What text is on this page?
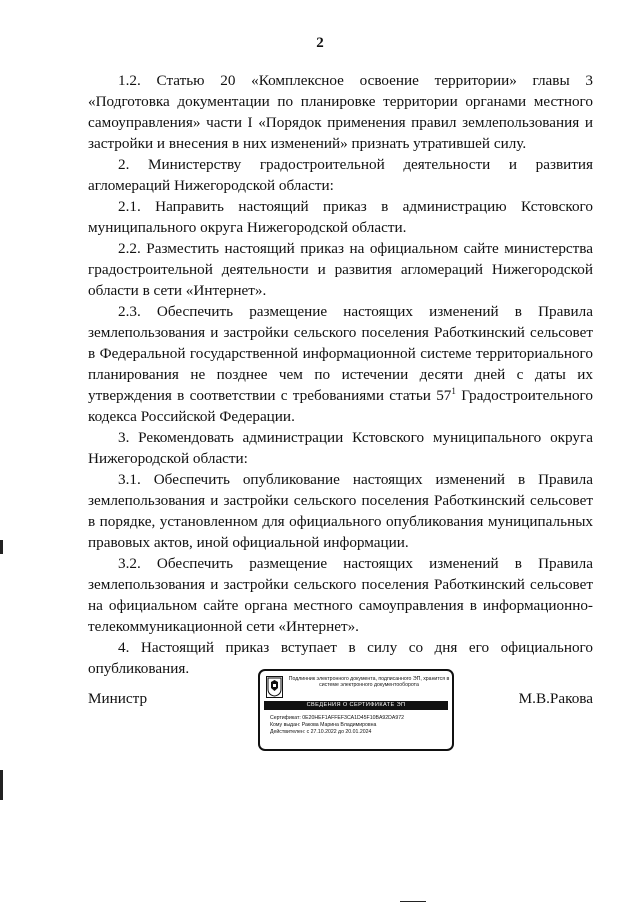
2

1.2. Статью 20 «Комплексное освоение территории» главы 3 «Подготовка документации по планировке территории органами местного самоуправления» части I «Порядок применения правил землепользования и застройки и внесения в них изменений» признать утратившей силу.

2. Министерству градостроительной деятельности и развития агломераций Нижегородской области:

2.1. Направить настоящий приказ в администрацию Кстовского муниципального округа Нижегородской области.

2.2. Разместить настоящий приказ на официальном сайте министерства градостроительной деятельности и развития агломераций Нижегородской области в сети «Интернет».

2.3. Обеспечить размещение настоящих изменений в Правила землепользования и застройки сельского поселения Работкинский сельсовет в Федеральной государственной информационной системе территориального планирования не позднее чем по истечении десяти дней с даты их утверждения в соответствии с требованиями статьи $57^1$ Градостроительного кодекса Российской Федерации.

3. Рекомендовать администрации Кстовского муниципального округа Нижегородской области:

3.1. Обеспечить опубликование настоящих изменений в Правила землепользования и застройки сельского поселения Работкинский сельсовет в порядке, установленном для официального опубликования муниципальных правовых актов, иной официальной информации.

3.2. Обеспечить размещение настоящих изменений в Правила землепользования и застройки сельского поселения Работкинский сельсовет на официальном сайте органа местного самоуправления в информационно-телекоммуникационной сети «Интернет».

4. Настоящий приказ вступает в силу со дня его официального опубликования.

Министр	М.В.Ракова
Подлинник электронного документа, подписанного ЭП, хранится в системе электронного документооборота
СВЕДЕНИЯ О СЕРТИФИКАТЕ ЭП
Сертификат: 0E20HEF1AFFEF3CA1D45F10BA92DA972
Кому выдан: Ракова Марина Владимировна
Действителен: с 27.10.2022 до 20.01.2024
